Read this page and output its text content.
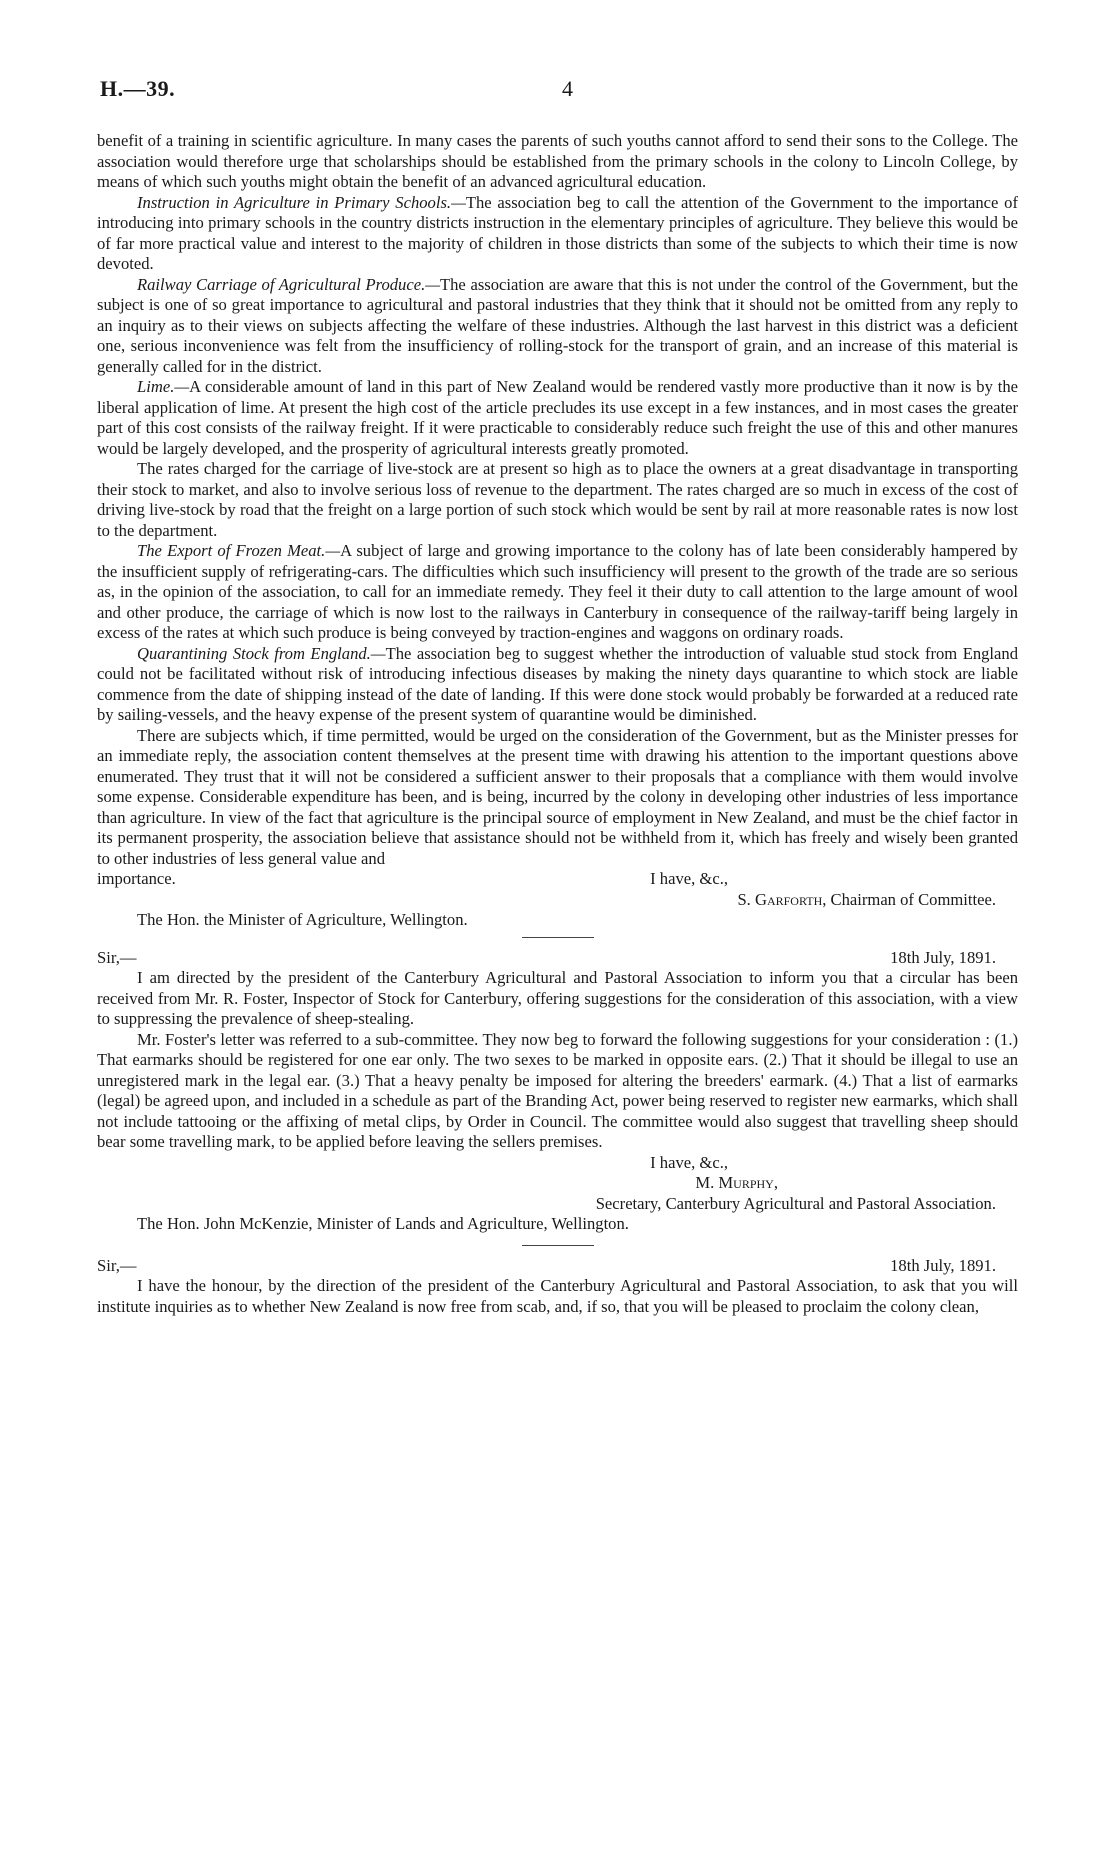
H.—39.	4

benefit of a training in scientific agriculture. In many cases the parents of such youths cannot afford to send their sons to the College. The association would therefore urge that scholarships should be established from the primary schools in the colony to Lincoln College, by means of which such youths might obtain the benefit of an advanced agricultural education.

Instruction in Agriculture in Primary Schools.—The association beg to call the attention of the Government to the importance of introducing into primary schools in the country districts instruction in the elementary principles of agriculture. They believe this would be of far more practical value and interest to the majority of children in those districts than some of the subjects to which their time is now devoted.

Railway Carriage of Agricultural Produce.—The association are aware that this is not under the control of the Government, but the subject is one of so great importance to agricultural and pastoral industries that they think that it should not be omitted from any reply to an inquiry as to their views on subjects affecting the welfare of these industries. Although the last harvest in this district was a deficient one, serious inconvenience was felt from the insufficiency of rolling-stock for the transport of grain, and an increase of this material is generally called for in the district.

Lime.—A considerable amount of land in this part of New Zealand would be rendered vastly more productive than it now is by the liberal application of lime. At present the high cost of the article precludes its use except in a few instances, and in most cases the greater part of this cost consists of the railway freight. If it were practicable to considerably reduce such freight the use of this and other manures would be largely developed, and the prosperity of agricultural interests greatly promoted.

The rates charged for the carriage of live-stock are at present so high as to place the owners at a great disadvantage in transporting their stock to market, and also to involve serious loss of revenue to the department. The rates charged are so much in excess of the cost of driving live-stock by road that the freight on a large portion of such stock which would be sent by rail at more reasonable rates is now lost to the department.

The Export of Frozen Meat.—A subject of large and growing importance to the colony has of late been considerably hampered by the insufficient supply of refrigerating-cars. The difficulties which such insufficiency will present to the growth of the trade are so serious as, in the opinion of the association, to call for an immediate remedy. They feel it their duty to call attention to the large amount of wool and other produce, the carriage of which is now lost to the railways in Canterbury in consequence of the railway-tariff being largely in excess of the rates at which such produce is being conveyed by traction-engines and waggons on ordinary roads.

Quarantining Stock from England.—The association beg to suggest whether the introduction of valuable stud stock from England could not be facilitated without risk of introducing infectious diseases by making the ninety days quarantine to which stock are liable commence from the date of shipping instead of the date of landing. If this were done stock would probably be forwarded at a reduced rate by sailing-vessels, and the heavy expense of the present system of quarantine would be diminished.

There are subjects which, if time permitted, would be urged on the consideration of the Government, but as the Minister presses for an immediate reply, the association content themselves at the present time with drawing his attention to the important questions above enumerated. They trust that it will not be considered a sufficient answer to their proposals that a compliance with them would involve some expense. Considerable expenditure has been, and is being, incurred by the colony in developing other industries of less importance than agriculture. In view of the fact that agriculture is the principal source of employment in New Zealand, and must be the chief factor in its permanent prosperity, the association believe that assistance should not be withheld from it, which has freely and wisely been granted to other industries of less general value and

importance.	I have, &c.,
S. Garforth, Chairman of Committee.

The Hon. the Minister of Agriculture, Wellington.

Sir,—	18th July, 1891.

I am directed by the president of the Canterbury Agricultural and Pastoral Association to inform you that a circular has been received from Mr. R. Foster, Inspector of Stock for Canterbury, offering suggestions for the consideration of this association, with a view to suppressing the prevalence of sheep-stealing.

Mr. Foster's letter was referred to a sub-committee. They now beg to forward the following suggestions for your consideration : (1.) That earmarks should be registered for one ear only. The two sexes to be marked in opposite ears. (2.) That it should be illegal to use an unregistered mark in the legal ear. (3.) That a heavy penalty be imposed for altering the breeders' earmark. (4.) That a list of earmarks (legal) be agreed upon, and included in a schedule as part of the Branding Act, power being reserved to register new earmarks, which shall not include tattooing or the affixing of metal clips, by Order in Council. The committee would also suggest that travelling sheep should bear some travelling mark, to be applied before leaving the sellers premises.

I have, &c.,
M. Murphy,
Secretary, Canterbury Agricultural and Pastoral Association.

The Hon. John McKenzie, Minister of Lands and Agriculture, Wellington.

Sir,—	18th July, 1891.

I have the honour, by the direction of the president of the Canterbury Agricultural and Pastoral Association, to ask that you will institute inquiries as to whether New Zealand is now free from scab, and, if so, that you will be pleased to proclaim the colony clean,
